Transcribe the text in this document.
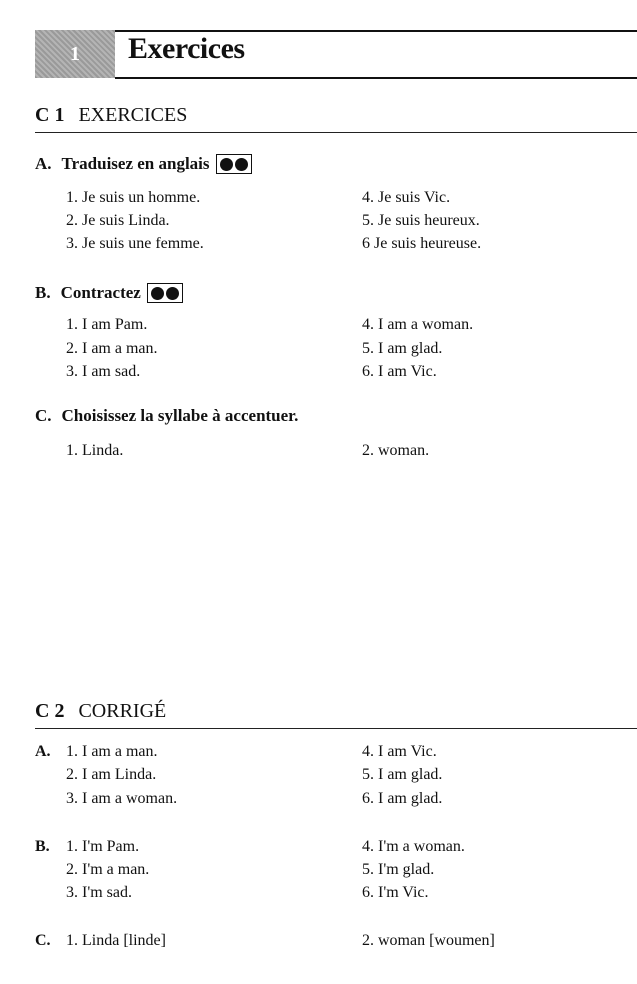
1 Exercices
C 1 EXERCICES
A. Traduisez en anglais
1. Je suis un homme.
2. Je suis Linda.
3. Je suis une femme.
4. Je suis Vic.
5. Je suis heureux.
6 Je suis heureuse.
B. Contractez
1. I am Pam.
2. I am a man.
3. I am sad.
4. I am a woman.
5. I am glad.
6. I am Vic.
C. Choisissez la syllabe à accentuer.
1. Linda.	2. woman.
C 2 CORRIGÉ
A. 1. I am a man.
2. I am Linda.
3. I am a woman.
4. I am Vic.
5. I am glad.
6. I am glad.
B. 1. I'm Pam.
2. I'm a man.
3. I'm sad.
4. I'm a woman.
5. I'm glad.
6. I'm Vic.
C. 1. Linda [linde]	2. woman [woumen]
